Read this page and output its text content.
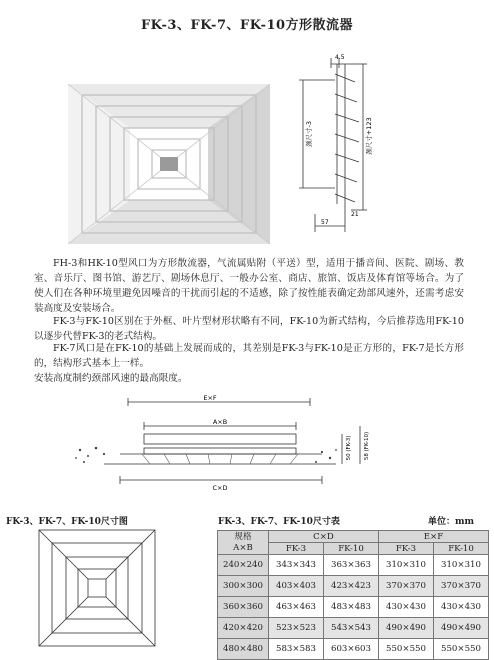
FK-3、FK-7、FK-10方形散流器
4.5
颈尺寸-3	颈尺寸+123
57
21
FH-3和HK-10型风口为方形散流器，气流属贴附（平送）型，适用于播音间、医院、剧场、教室、音乐厅、图书馆、游艺厅、剧场休息厅、一般办公室、商店、旅馆、饭店及体育馆等场合。为了使人们在各种环境里避免因噪音的干扰而引起的不适感，除了按性能表确定劲部风速外，还需考虑安装高度及安装场合。
FK-3与FK-10区别在于外框、叶片型材形状略有不同，FK-10为新式结构，今后推荐选用FK-10以逐步代替FK-3的老式结构。
FK-7风口是在FK-10的基础上发展而成的，其差别是FK-3与FK-10是正方形的，FK-7是长方形的，结构形式基本上一样。
安装高度制约颈部风速的最高限度。
E×F
A×B
C×D
50 (FK-3) 58 (FK-10)
FK-3、FK-7、FK-10尺寸图	FK-3、FK-7、FK-10尺寸表	单位：mm
规格
A×B	C×D		E×F	
	FK-3	FK-10	FK-3	FK-10
240×240	343×343	363×363	310×310	310×310
300×300	403×403	423×423	370×370	370×370
360×360	463×463	483×483	430×430	430×430
420×420	523×523	543×543	490×490	490×490
480×480	583×583	603×603	550×550	550×550
